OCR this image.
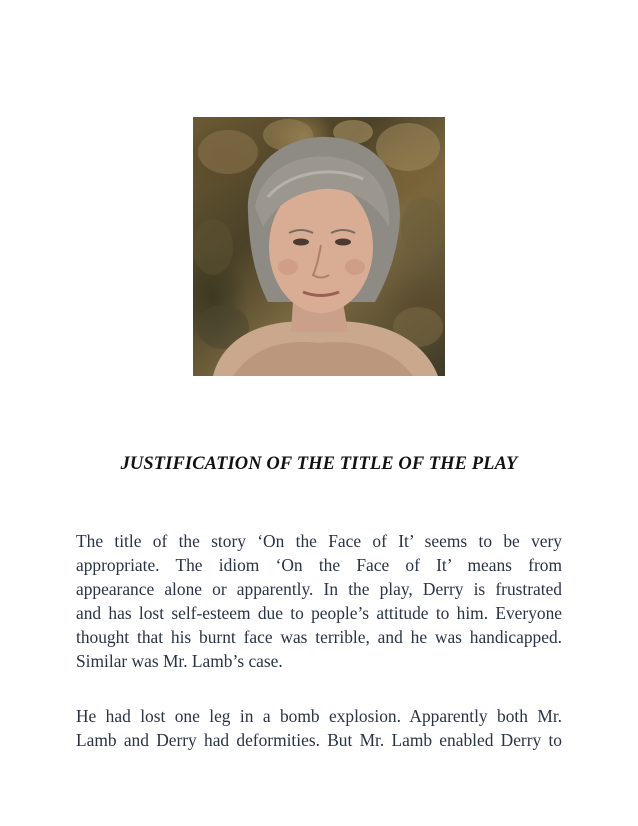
JUSTIFICATION OF THE TITLE OF THE PLAY
The title of the story ‘On the Face of It’ seems to be very
appropriate. The idiom ‘On the Face of It’ means from
appearance alone or apparently. In the play, Derry is frustrated
and has lost self-esteem due to people’s attitude to him. Everyone
thought that his burnt face was terrible, and he was handicapped.
Similar was Mr. Lamb’s case.
He had lost one leg in a bomb explosion. Apparently both Mr.
Lamb and Derry had deformities. But Mr. Lamb enabled Derry to
